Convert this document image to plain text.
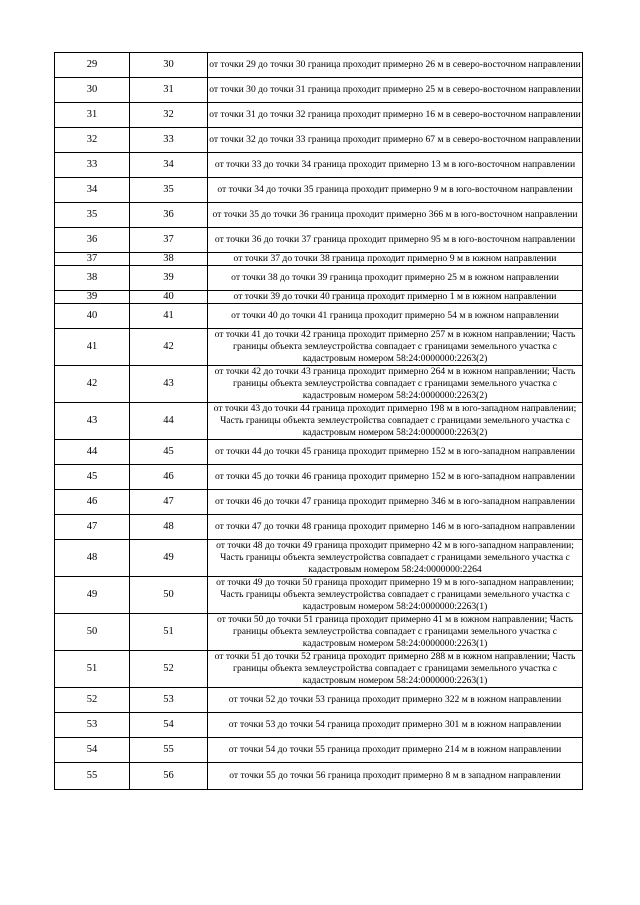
29	30	от точки 29 до точки 30 граница проходит примерно 26 м в северо-восточном направлении
30	31	от точки 30 до точки 31 граница проходит примерно 25 м в северо-восточном направлении
31	32	от точки 31 до точки 32 граница проходит примерно 16 м в северо-восточном направлении
32	33	от точки 32 до точки 33 граница проходит примерно 67 м в северо-восточном направлении
33	34	от точки 33 до точки 34 граница проходит примерно 13 м в юго-восточном направлении
34	35	от точки 34 до точки 35 граница проходит примерно 9 м в юго-восточном направлении
35	36	от точки 35 до точки 36 граница проходит примерно 366 м в юго-восточном направлении
36	37	от точки 36 до точки 37 граница проходит примерно 95 м в юго-восточном направлении
37	38	от точки 37 до точки 38 граница проходит примерно 9 м в южном направлении
38	39	от точки 38 до точки 39 граница проходит примерно 25 м в южном направлении
39	40	от точки 39 до точки 40 граница проходит примерно 1 м в южном направлении
40	41	от точки 40 до точки 41 граница проходит примерно 54 м в южном направлении
41	42	от точки 41 до точки 42 граница проходит примерно 257 м в южном направлении; Часть границы объекта землеустройства совпадает с границами земельного участка с кадастровым номером 58:24:0000000:2263(2)
42	43	от точки 42 до точки 43 граница проходит примерно 264 м в южном направлении; Часть границы объекта землеустройства совпадает с границами земельного участка с кадастровым номером 58:24:0000000:2263(2)
43	44	от точки 43 до точки 44 граница проходит примерно 198 м в юго-западном направлении; Часть границы объекта землеустройства совпадает с границами земельного участка с кадастровым номером 58:24:0000000:2263(2)
44	45	от точки 44 до точки 45 граница проходит примерно 152 м в юго-западном направлении
45	46	от точки 45 до точки 46 граница проходит примерно 152 м в юго-западном направлении
46	47	от точки 46 до точки 47 граница проходит примерно 346 м в юго-западном направлении
47	48	от точки 47 до точки 48 граница проходит примерно 146 м в юго-западном направлении
48	49	от точки 48 до точки 49 граница проходит примерно 42 м в юго-западном направлении; Часть границы объекта землеустройства совпадает с границами земельного участка с кадастровым номером 58:24:0000000:2264
49	50	от точки 49 до точки 50 граница проходит примерно 19 м в юго-западном направлении; Часть границы объекта землеустройства совпадает с границами земельного участка с кадастровым номером 58:24:0000000:2263(1)
50	51	от точки 50 до точки 51 граница проходит примерно 41 м в южном направлении; Часть границы объекта землеустройства совпадает с границами земельного участка с кадастровым номером 58:24:0000000:2263(1)
51	52	от точки 51 до точки 52 граница проходит примерно 288 м в южном направлении; Часть границы объекта землеустройства совпадает с границами земельного участка с кадастровым номером 58:24:0000000:2263(1)
52	53	от точки 52 до точки 53 граница проходит примерно 322 м в южном направлении
53	54	от точки 53 до точки 54 граница проходит примерно 301 м в южном направлении
54	55	от точки 54 до точки 55 граница проходит примерно 214 м в южном направлении
55	56	от точки 55 до точки 56 граница проходит примерно 8 м в западном направлении
